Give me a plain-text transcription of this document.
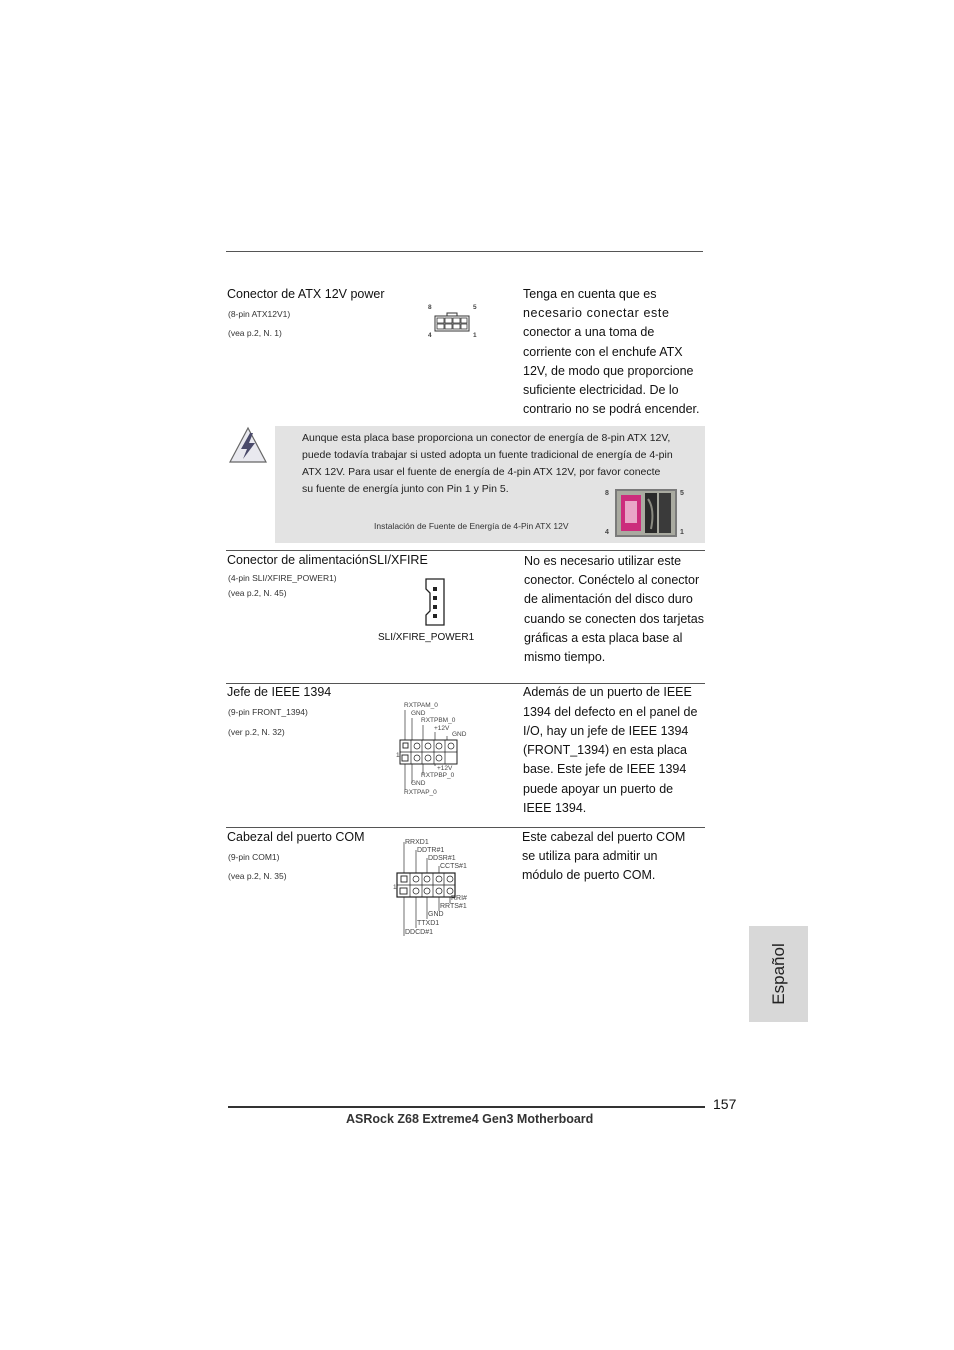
Conector de ATX 12V power
(8-pin ATX12V1)
(vea p.2, N. 1)
8	5
4	1
Tenga en cuenta que es
necesario conectar este
conector a una toma de
corriente con el enchufe ATX
12V, de modo que proporcione
suficiente electricidad. De lo
contrario no se podrá encender.
Aunque esta placa base proporciona un conector de energía de 8-pin ATX 12V,
puede todavía trabajar si usted adopta un fuente tradicional de energía de 4-pin
ATX 12V. Para usar el fuente de energía de 4-pin ATX 12V, por favor conecte
su fuente de energía junto con Pin 1 y Pin 5.
Instalación de Fuente de Energía de 4-Pin ATX 12V
8	5
4	1
Conector de alimentaciónSLI/XFIRE
(4-pin SLI/XFIRE_POWER1)
(vea p.2, N. 45)
SLI/XFIRE_POWER1
No es necesario utilizar este
conector. Conéctelo al conector
de alimentación del disco duro
cuando se conecten dos tarjetas
gráficas a esta placa base al
mismo tiempo.
Jefe de IEEE 1394
(9-pin FRONT_1394)
(ver p.2, N. 32)
RXTPAM_0
GND
RXTPBM_0
+12V
GND
1
+12V
RXTPBP_0
GND
RXTPAP_0
Además de un puerto de IEEE
1394 del defecto en el panel de
I/O, hay un jefe de IEEE 1394
(FRONT_1394) en esta placa
base. Este jefe de IEEE 1394
puede apoyar un puerto de
IEEE 1394.
Cabezal del puerto COM
(9-pin COM1)
(vea p.2, N. 35)
RRXD1
DDTR#1
DDSR#1
CCTS#1
1
RRI#
RRTS#1
GND
TTXD1
DDCD#1
Este cabezal del puerto COM
se utiliza para admitir un
módulo de puerto COM.
Español
157
ASRock Z68 Extreme4 Gen3 Motherboard
